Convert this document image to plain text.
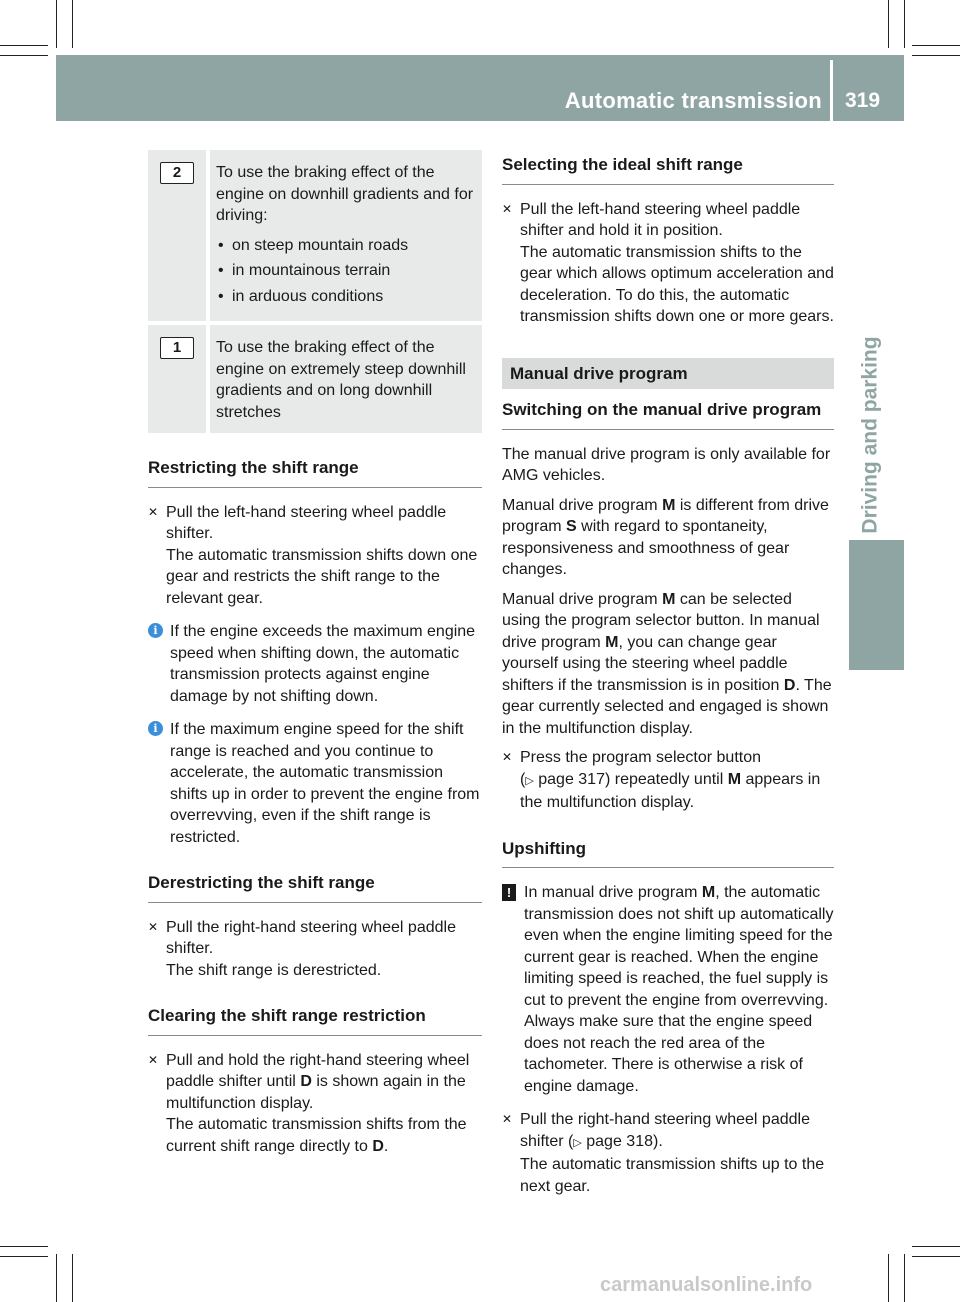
Automatic transmission 319
Driving and parking
2	To use the braking effect of the engine on downhill gradients and for driving:
• on steep mountain roads
• in mountainous terrain
• in arduous conditions
1	To use the braking effect of the engine on extremely steep downhill gradients and on long downhill stretches
Restricting the shift range
✕ Pull the left-hand steering wheel paddle shifter.
The automatic transmission shifts down one gear and restricts the shift range to the relevant gear.
i If the engine exceeds the maximum engine speed when shifting down, the automatic transmission protects against engine damage by not shifting down.
i If the maximum engine speed for the shift range is reached and you continue to accelerate, the automatic transmission shifts up in order to prevent the engine from overrevving, even if the shift range is restricted.
Derestricting the shift range
✕ Pull the right-hand steering wheel paddle shifter.
The shift range is derestricted.
Clearing the shift range restriction
✕ Pull and hold the right-hand steering wheel paddle shifter until D is shown again in the multifunction display.
The automatic transmission shifts from the current shift range directly to D.
Selecting the ideal shift range
✕ Pull the left-hand steering wheel paddle shifter and hold it in position.
The automatic transmission shifts to the gear which allows optimum acceleration and deceleration. To do this, the automatic transmission shifts down one or more gears.
Manual drive program
Switching on the manual drive program

The manual drive program is only available for AMG vehicles.

Manual drive program M is different from drive program S with regard to spontaneity, responsiveness and smoothness of gear changes.

Manual drive program M can be selected using the program selector button. In manual drive program M, you can change gear yourself using the steering wheel paddle shifters if the transmission is in position D. The gear currently selected and engaged is shown in the multifunction display.

✕ Press the program selector button
(▷ page 317) repeatedly until M appears in the multifunction display.
Upshifting
! In manual drive program M, the automatic transmission does not shift up automatically even when the engine limiting speed for the current gear is reached. When the engine limiting speed is reached, the fuel supply is cut to prevent the engine from overrevving. Always make sure that the engine speed does not reach the red area of the tachometer. There is otherwise a risk of engine damage.
✕ Pull the right-hand steering wheel paddle shifter (▷ page 318).
The automatic transmission shifts up to the next gear.
carmanualsonline.info
